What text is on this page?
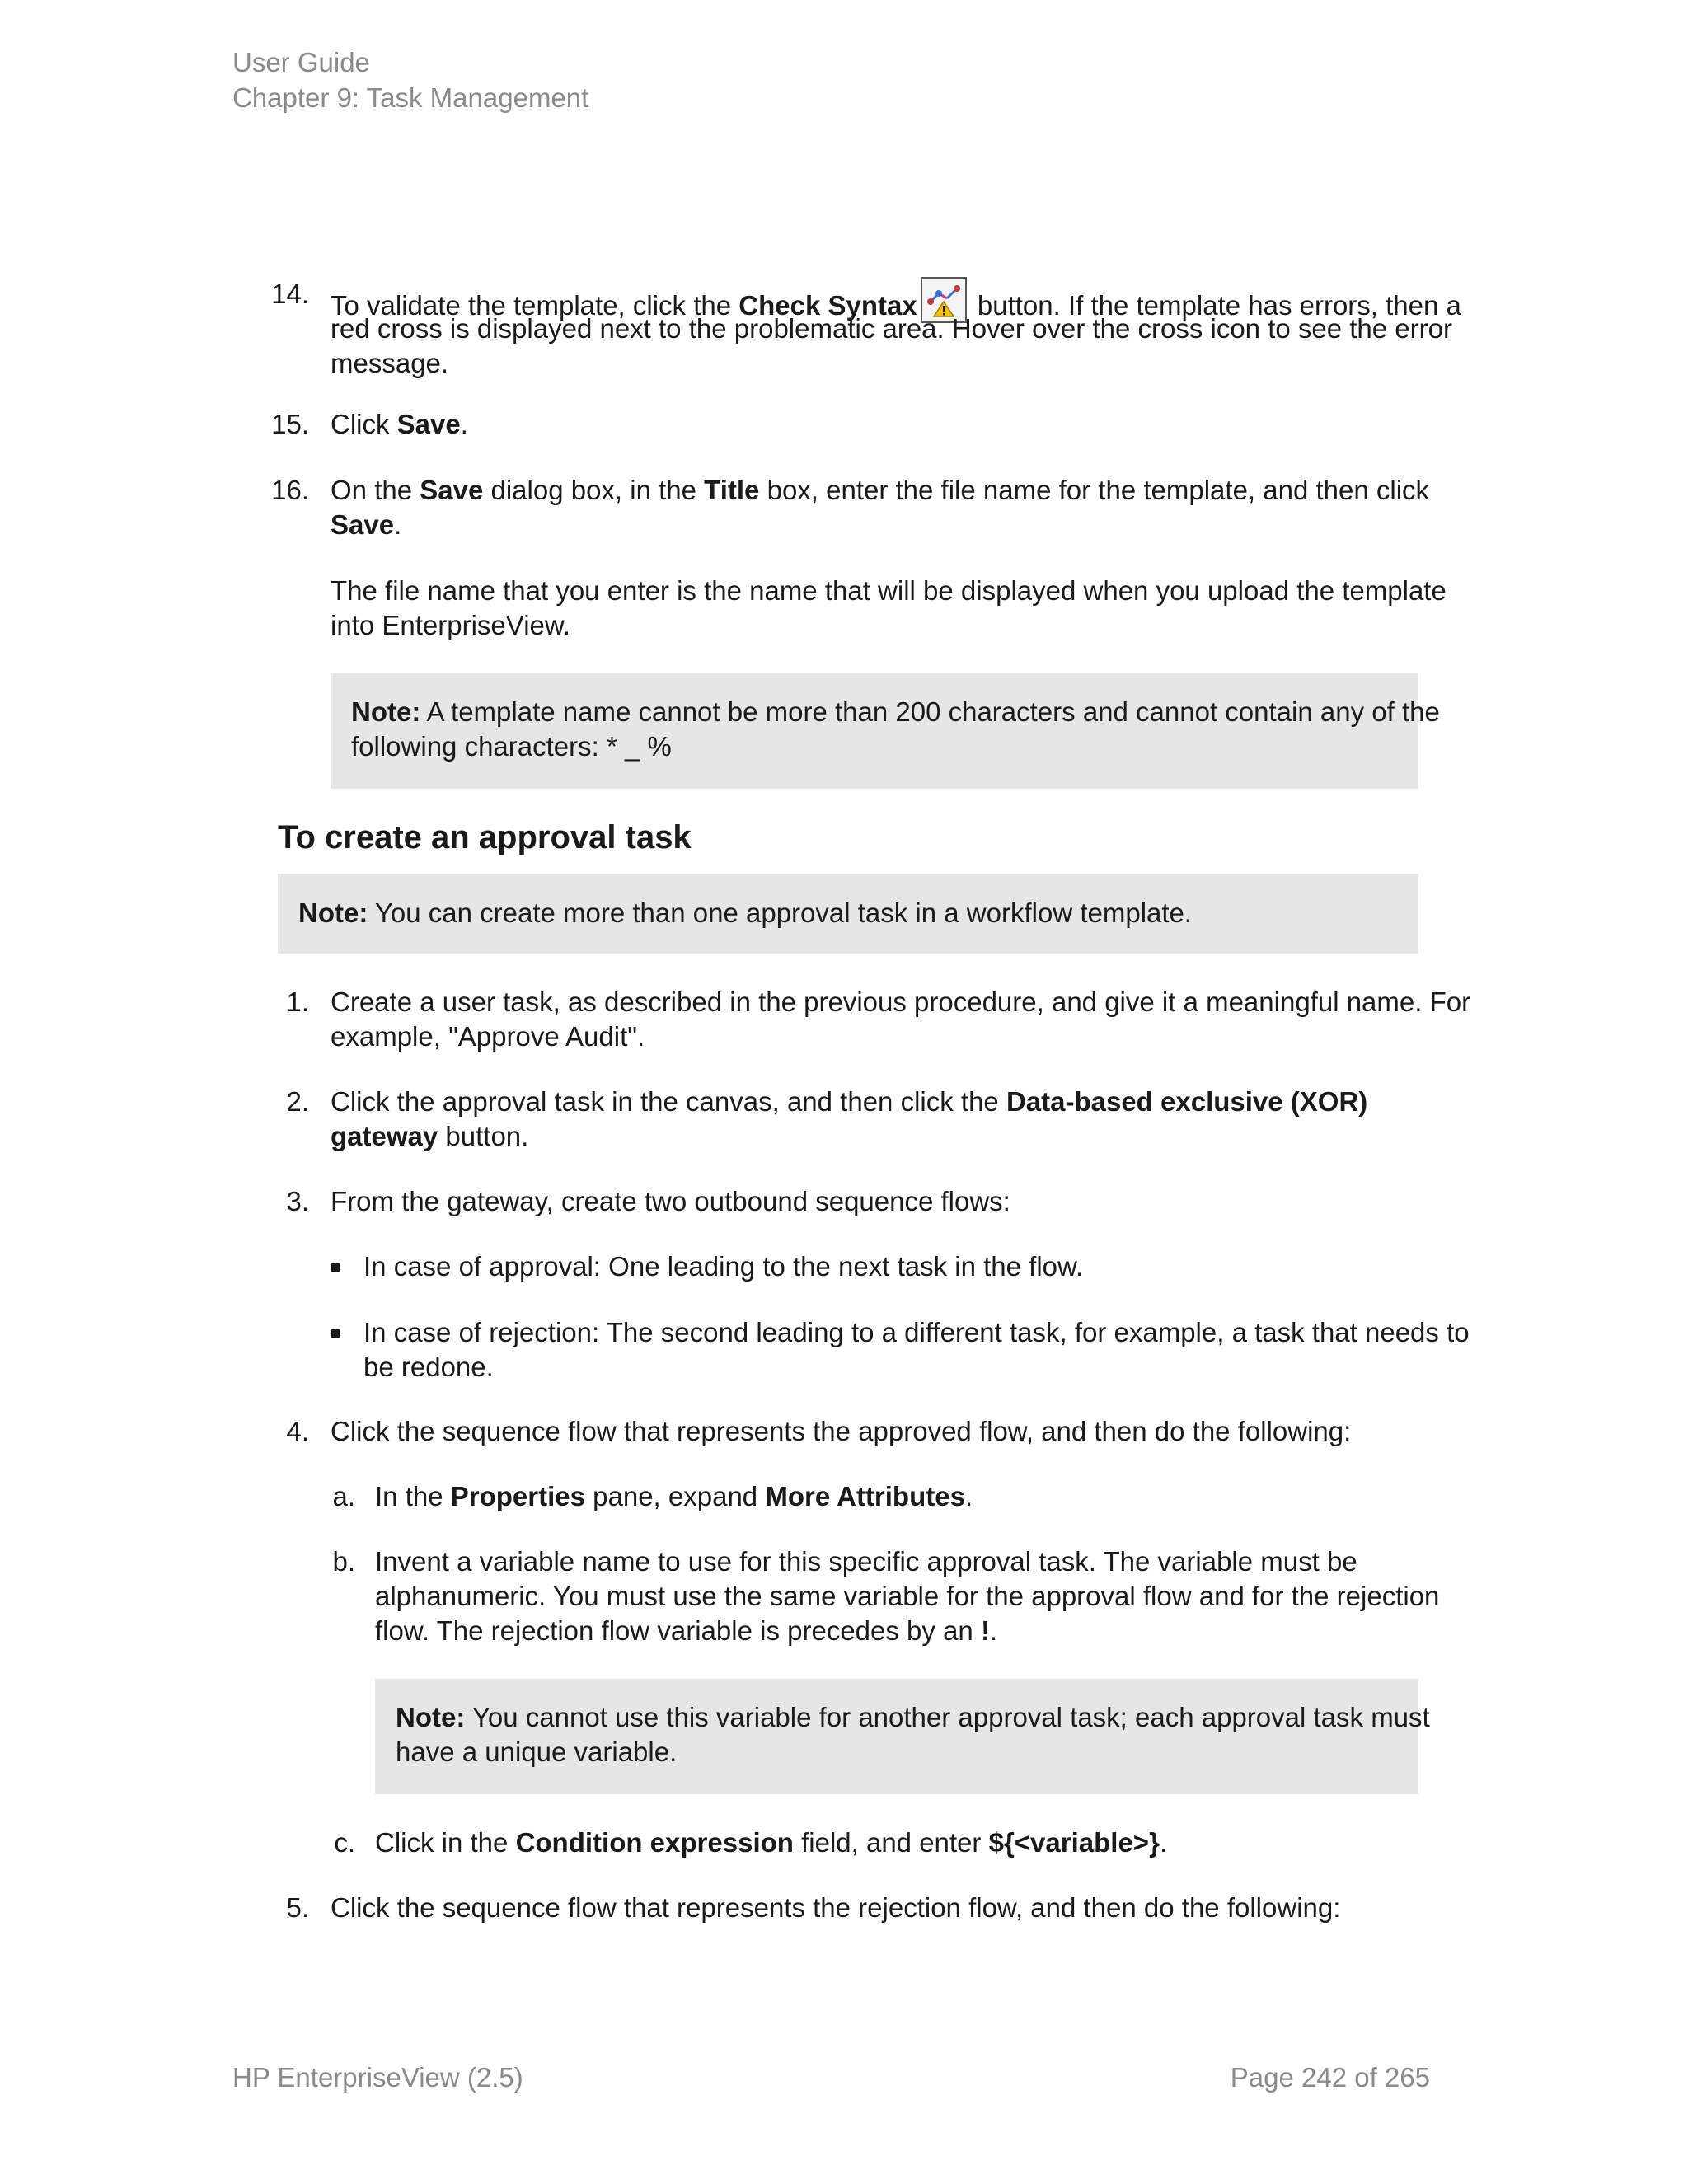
User Guide
Chapter 9: Task Management
14. To validate the template, click the Check Syntax
button. If the template has errors, then a
red cross is displayed next to the problematic area. Hover over the cross icon to see the error
message.
15. Click Save.
16. On the Save dialog box, in the Title box, enter the file name for the template, and then click
Save.
The file name that you enter is the name that will be displayed when you upload the template
into EnterpriseView.
Note: A template name cannot be more than 200 characters and cannot contain any of the
following characters: * _ %
To create an approval task
Note: You can create more than one approval task in a workflow template.
1. Create a user task, as described in the previous procedure, and give it a meaningful name. For
example, "Approve Audit".
2. Click the approval task in the canvas, and then click the Data-based exclusive (XOR)
gateway button.
3. From the gateway, create two outbound sequence flows:
In case of approval: One leading to the next task in the flow.
In case of rejection: The second leading to a different task, for example, a task that needs to
be redone.
4. Click the sequence flow that represents the approved flow, and then do the following:
a. In the Properties pane, expand More Attributes.
b. Invent a variable name to use for this specific approval task. The variable must be
alphanumeric. You must use the same variable for the approval flow and for the rejection
flow. The rejection flow variable is precedes by an !.
Note: You cannot use this variable for another approval task; each approval task must
have a unique variable.
c. Click in the Condition expression field, and enter ${<variable>}.
5. Click the sequence flow that represents the rejection flow, and then do the following:
HP EnterpriseView (2.5)	Page 242 of 265
